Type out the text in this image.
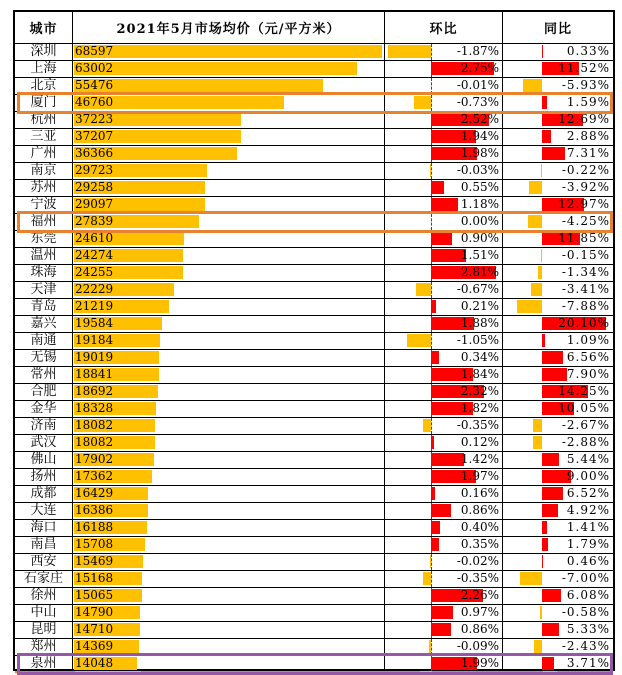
城市	2021年5月市场均价（元/平方米）	环比	同比
深圳	68597	-1.87%	0.33%
上海	63002	2.75%	11.52%
北京	55476	-0.01%	-5.93%
厦门	46760	-0.73%	1.59%
杭州	37223	2.52%	12.69%
三亚	37207	1.94%	2.88%
广州	36366	1.98%	7.31%
南京	29723	-0.03%	-0.22%
苏州	29258	0.55%	-3.92%
宁波	29097	1.18%	12.97%
福州	27839	0.00%	-4.25%
东莞	24610	0.90%	11.85%
温州	24274	1.51%	-0.15%
珠海	24255	2.81%	-1.34%
天津	22229	-0.67%	-3.41%
青岛	21219	0.21%	-7.88%
嘉兴	19584	1.88%	20.10%
南通	19184	-1.05%	1.09%
无锡	19019	0.34%	6.56%
常州	18841	1.84%	7.90%
合肥	18692	2.32%	14.25%
金华	18328	1.82%	10.05%
济南	18082	-0.35%	-2.67%
武汉	18082	0.12%	-2.88%
佛山	17902	1.42%	5.44%
扬州	17362	1.97%	9.00%
成都	16429	0.16%	6.52%
大连	16386	0.86%	4.92%
海口	16188	0.40%	1.41%
南昌	15708	0.35%	1.79%
西安	15469	-0.02%	0.46%
石家庄	15168	-0.35%	-7.00%
徐州	15065	2.26%	6.08%
中山	14790	0.97%	-0.58%
昆明	14710	0.86%	5.33%
郑州	14369	-0.09%	-2.43%
泉州	14048	1.99%	3.71%
